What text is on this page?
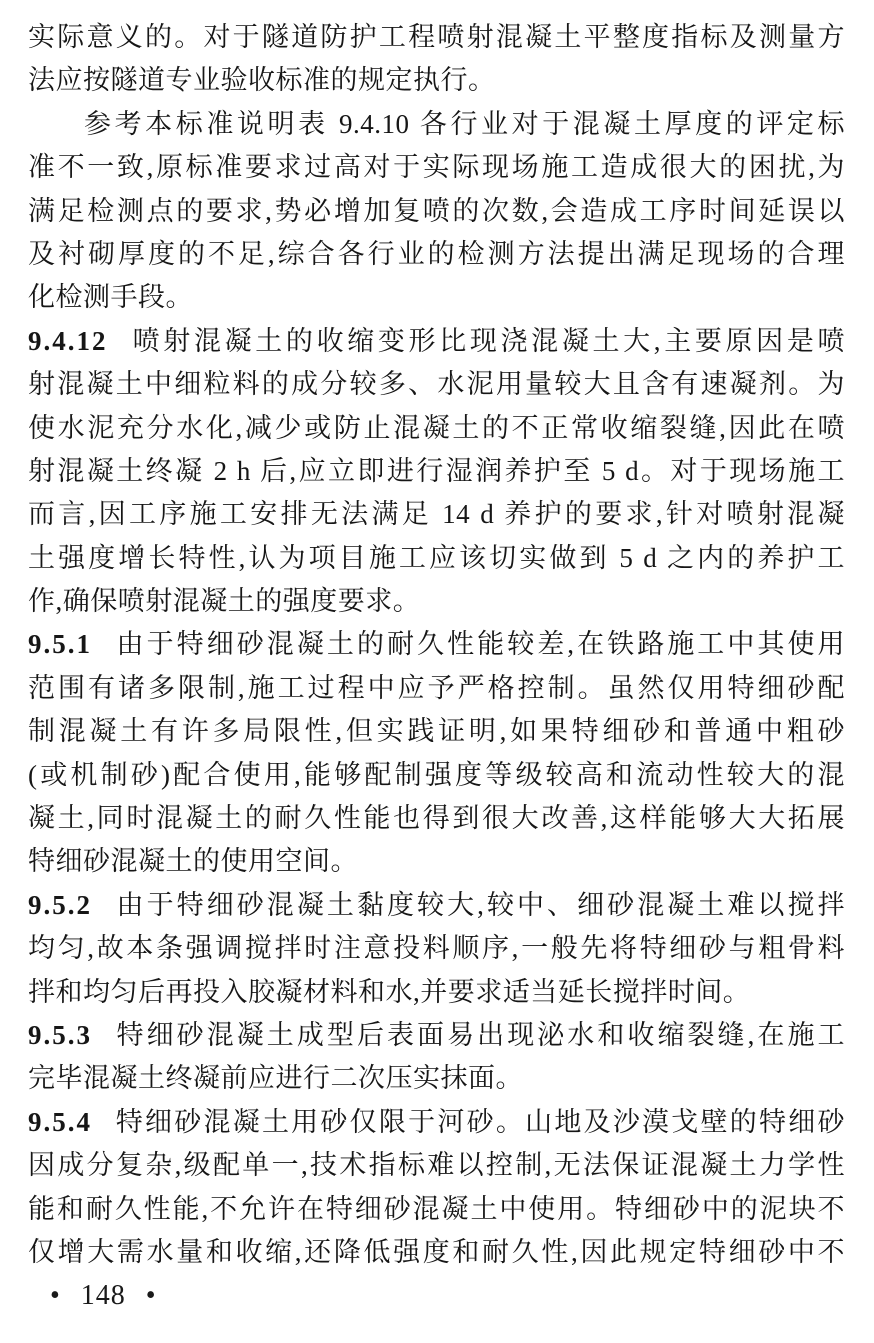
实际意义的。对于隧道防护工程喷射混凝土平整度指标及测量方
法应按隧道专业验收标准的规定执行。
参考本标准说明表 9.4.10 各行业对于混凝土厚度的评定标
准不一致,原标准要求过高对于实际现场施工造成很大的困扰,为
满足检测点的要求,势必增加复喷的次数,会造成工序时间延误以
及衬砌厚度的不足,综合各行业的检测方法提出满足现场的合理
化检测手段。
9.4.12 喷射混凝土的收缩变形比现浇混凝土大,主要原因是喷
射混凝土中细粒料的成分较多、水泥用量较大且含有速凝剂。为
使水泥充分水化,减少或防止混凝土的不正常收缩裂缝,因此在喷
射混凝土终凝 2 h 后,应立即进行湿润养护至 5 d。对于现场施工
而言,因工序施工安排无法满足 14 d 养护的要求,针对喷射混凝
土强度增长特性,认为项目施工应该切实做到 5 d 之内的养护工
作,确保喷射混凝土的强度要求。
9.5.1 由于特细砂混凝土的耐久性能较差,在铁路施工中其使用
范围有诸多限制,施工过程中应予严格控制。虽然仅用特细砂配
制混凝土有许多局限性,但实践证明,如果特细砂和普通中粗砂
(或机制砂)配合使用,能够配制强度等级较高和流动性较大的混
凝土,同时混凝土的耐久性能也得到很大改善,这样能够大大拓展
特细砂混凝土的使用空间。
9.5.2 由于特细砂混凝土黏度较大,较中、细砂混凝土难以搅拌
均匀,故本条强调搅拌时注意投料顺序,一般先将特细砂与粗骨料
拌和均匀后再投入胶凝材料和水,并要求适当延长搅拌时间。
9.5.3 特细砂混凝土成型后表面易出现泌水和收缩裂缝,在施工
完毕混凝土终凝前应进行二次压实抹面。
9.5.4 特细砂混凝土用砂仅限于河砂。山地及沙漠戈壁的特细砂
因成分复杂,级配单一,技术指标难以控制,无法保证混凝土力学性
能和耐久性能,不允许在特细砂混凝土中使用。特细砂中的泥块不
仅增大需水量和收缩,还降低强度和耐久性,因此规定特细砂中不
• 148 •
